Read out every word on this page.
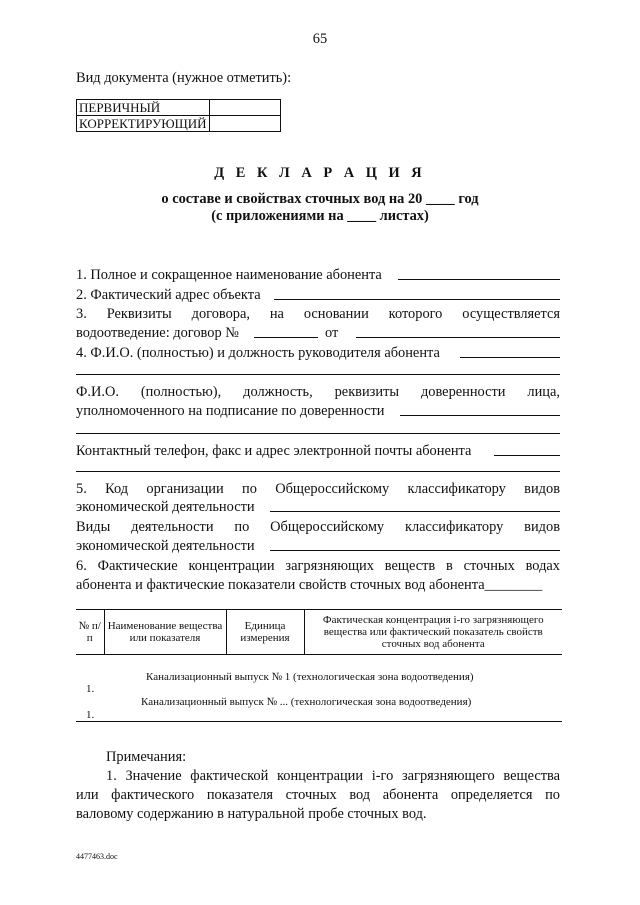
65
Вид документа (нужное отметить):
ПЕРВИЧНЫЙ	
КОРРЕКТИРУЮЩИЙ	
Д Е К Л А Р А Ц И Я
о составе и свойствах сточных вод на 20 ____ год
(с приложениями на ____ листах)
1. Полное и сокращенное наименование абонента
2. Фактический адрес объекта
3. Реквизиты договора, на основании которого осуществляется
водоотведение: договор №	от
4. Ф.И.О. (полностью) и должность руководителя абонента
Ф.И.О. (полностью), должность, реквизиты доверенности лица,
уполномоченного на подписание по доверенности
Контактный телефон, факс и адрес электронной почты абонента
5. Код организации по Общероссийскому классификатору видов
экономической деятельности
Виды деятельности по Общероссийскому классификатору видов
экономической деятельности
6. Фактические концентрации загрязняющих веществ в сточных водах
абонента и фактические показатели свойств сточных вод абонента________
№ п/п	Наименование вещества или показателя	Единица измерения	Фактическая концентрация i-го загрязняющего вещества или фактический показатель свойств сточных вод абонента
Канализационный выпуск № 1 (технологическая зона водоотведения)
1.
Канализационный выпуск № ... (технологическая зона водоотведения)
1.
Примечания:
1. Значение фактической концентрации i-го загрязняющего вещества
или фактического показателя сточных вод абонента определяется по
валовому содержанию в натуральной пробе сточных вод.
4477463.doc
